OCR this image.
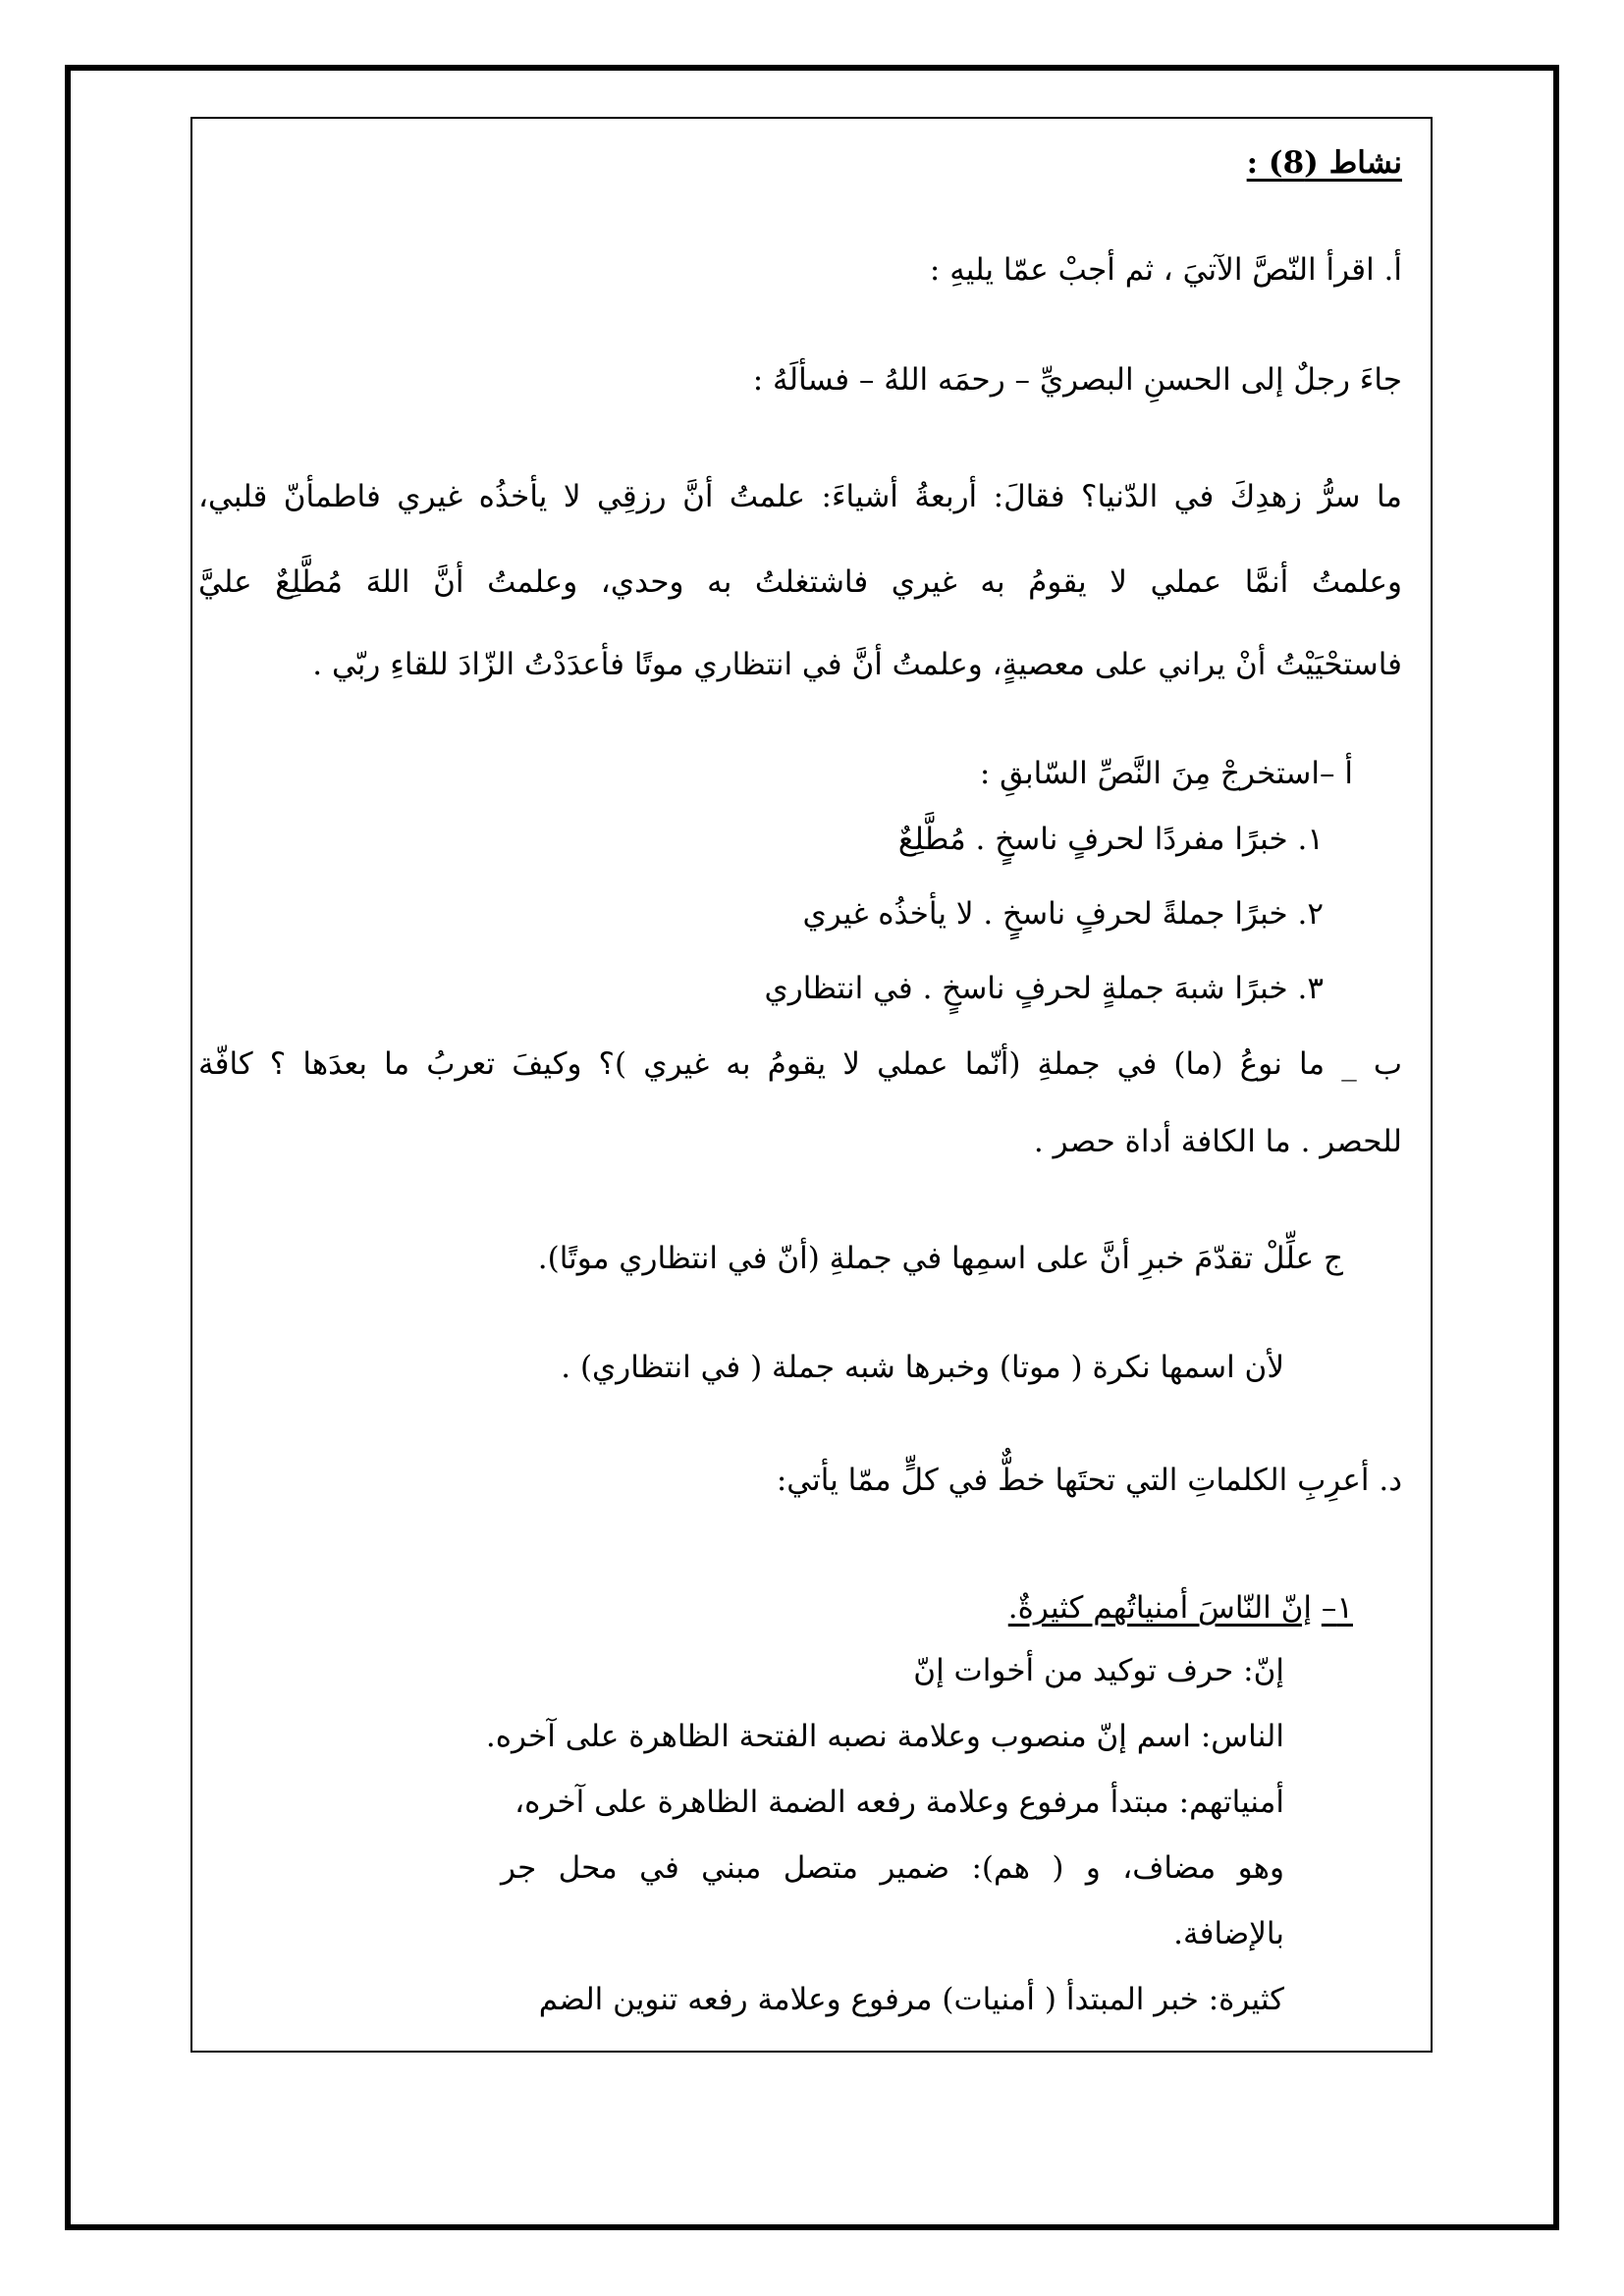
نشاط (8) :
أ. اقرأ النّصَّ الآتيَ ، ثم أجبْ عمّا يليهِ :
جاءَ رجلٌ إلى الحسنِ البصريِّ – رحمَه اللهُ – فسألَهُ :
ما سرُّ زهدِكَ في الدّنيا؟ فقالَ: أربعةُ أشياءَ: علمتُ أنَّ رزقِي لا يأخذُه غيري فاطمأنّ قلبي،
وعلمتُ أنمَّا عملي لا يقومُ به غيري فاشتغلتُ به وحدي، وعلمتُ أنَّ اللهَ مُطَّلِعٌ عليَّ
فاستحْيَيْتُ أنْ يراني على معصيةٍ، وعلمتُ أنَّ في انتظاري موتًا فأعدَدْتُ الزّادَ للقاءِ ربّي .
أ –استخرجْ مِنَ النَّصِّ السّابقِ :
١. خبرًا مفردًا لحرفٍ ناسخٍ . مُطَّلِعٌ
٢. خبرًا جملةً لحرفٍ ناسخٍ . لا يأخذُه غيري
٣. خبرًا شبهَ جملةٍ لحرفٍ ناسخٍ . في انتظاري
ب _ ما نوعُ (ما) في جملةِ (أنّما عملي لا يقومُ به غيري )؟ وكيفَ تعربُ ما بعدَها ؟ كافّة
للحصر . ما الكافة أداة حصر .
ج علِّلْ تقدّمَ خبرِ أنَّ على اسمِها في جملةِ (أنّ في انتظاري موتًا).
لأن اسمها نكرة ( موتا) وخبرها شبه جملة ( في انتظاري) .
د. أعرِبِ الكلماتِ التي تحتَها خطٌّ في كلٍّ ممّا يأتي:
١– إنّ النّاسَ أمنياتُهم كثيرةٌ.
إنّ: حرف توكيد من أخوات إنّ
الناس: اسم إنّ منصوب وعلامة نصبه الفتحة الظاهرة على آخره.
أمنياتهم: مبتدأ مرفوع وعلامة رفعه الضمة الظاهرة على آخره،
وهو مضاف، و ( هم): ضمير متصل مبني في محل جر
بالإضافة.
كثيرة: خبر المبتدأ ( أمنيات) مرفوع وعلامة رفعه تنوين الضم
